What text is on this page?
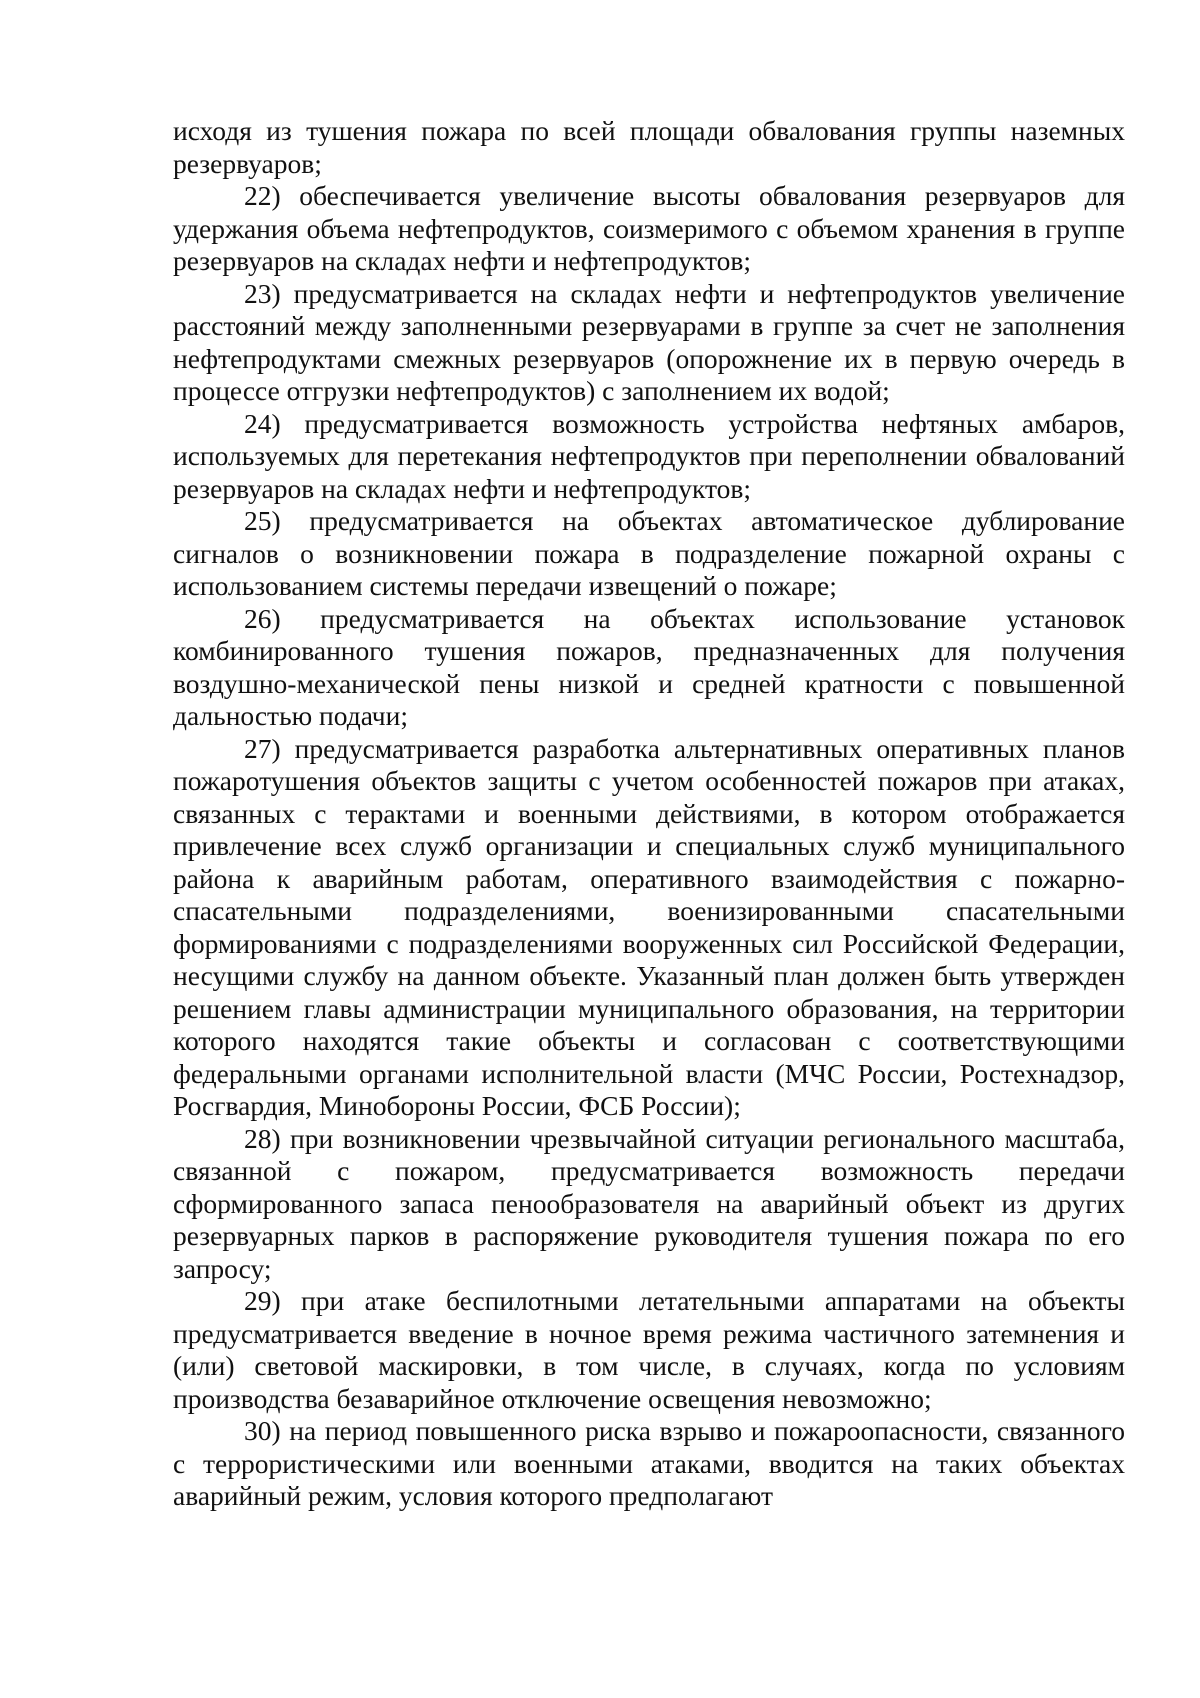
исходя из тушения пожара по всей площади обвалования группы наземных резервуаров;

22) обеспечивается увеличение высоты обвалования резервуаров для удержания объема нефтепродуктов, соизмеримого с объемом хранения в группе резервуаров на складах нефти и нефтепродуктов;

23) предусматривается на складах нефти и нефтепродуктов увеличение расстояний между заполненными резервуарами в группе за счет не заполнения нефтепродуктами смежных резервуаров (опорожнение их в первую очередь в процессе отгрузки нефтепродуктов) с заполнением их водой;

24) предусматривается возможность устройства нефтяных амбаров, используемых для перетекания нефтепродуктов при переполнении обвалований резервуаров на складах нефти и нефтепродуктов;

25) предусматривается на объектах автоматическое дублирование сигналов о возникновении пожара в подразделение пожарной охраны с использованием системы передачи извещений о пожаре;

26) предусматривается на объектах использование установок комбинированного тушения пожаров, предназначенных для получения воздушно-механической пены низкой и средней кратности с повышенной дальностью подачи;

27) предусматривается разработка альтернативных оперативных планов пожаротушения объектов защиты с учетом особенностей пожаров при атаках, связанных с терактами и военными действиями, в котором отображается привлечение всех служб организации и специальных служб муниципального района к аварийным работам, оперативного взаимодействия с пожарно-спасательными подразделениями, военизированными спасательными формированиями с подразделениями вооруженных сил Российской Федерации, несущими службу на данном объекте. Указанный план должен быть утвержден решением главы администрации муниципального образования, на территории которого находятся такие объекты и согласован с соответствующими федеральными органами исполнительной власти (МЧС России, Ростехнадзор, Росгвардия, Минобороны России, ФСБ России);

28) при возникновении чрезвычайной ситуации регионального масштаба, связанной с пожаром, предусматривается возможность передачи сформированного запаса пенообразователя на аварийный объект из других резервуарных парков в распоряжение руководителя тушения пожара по его запросу;

29) при атаке беспилотными летательными аппаратами на объекты предусматривается введение в ночное время режима частичного затемнения и (или) световой маскировки, в том числе, в случаях, когда по условиям производства безаварийное отключение освещения невозможно;

30) на период повышенного риска взрыво и пожароопасности, связанного с террористическими или военными атаками, вводится на таких объектах аварийный режим, условия которого предполагают
